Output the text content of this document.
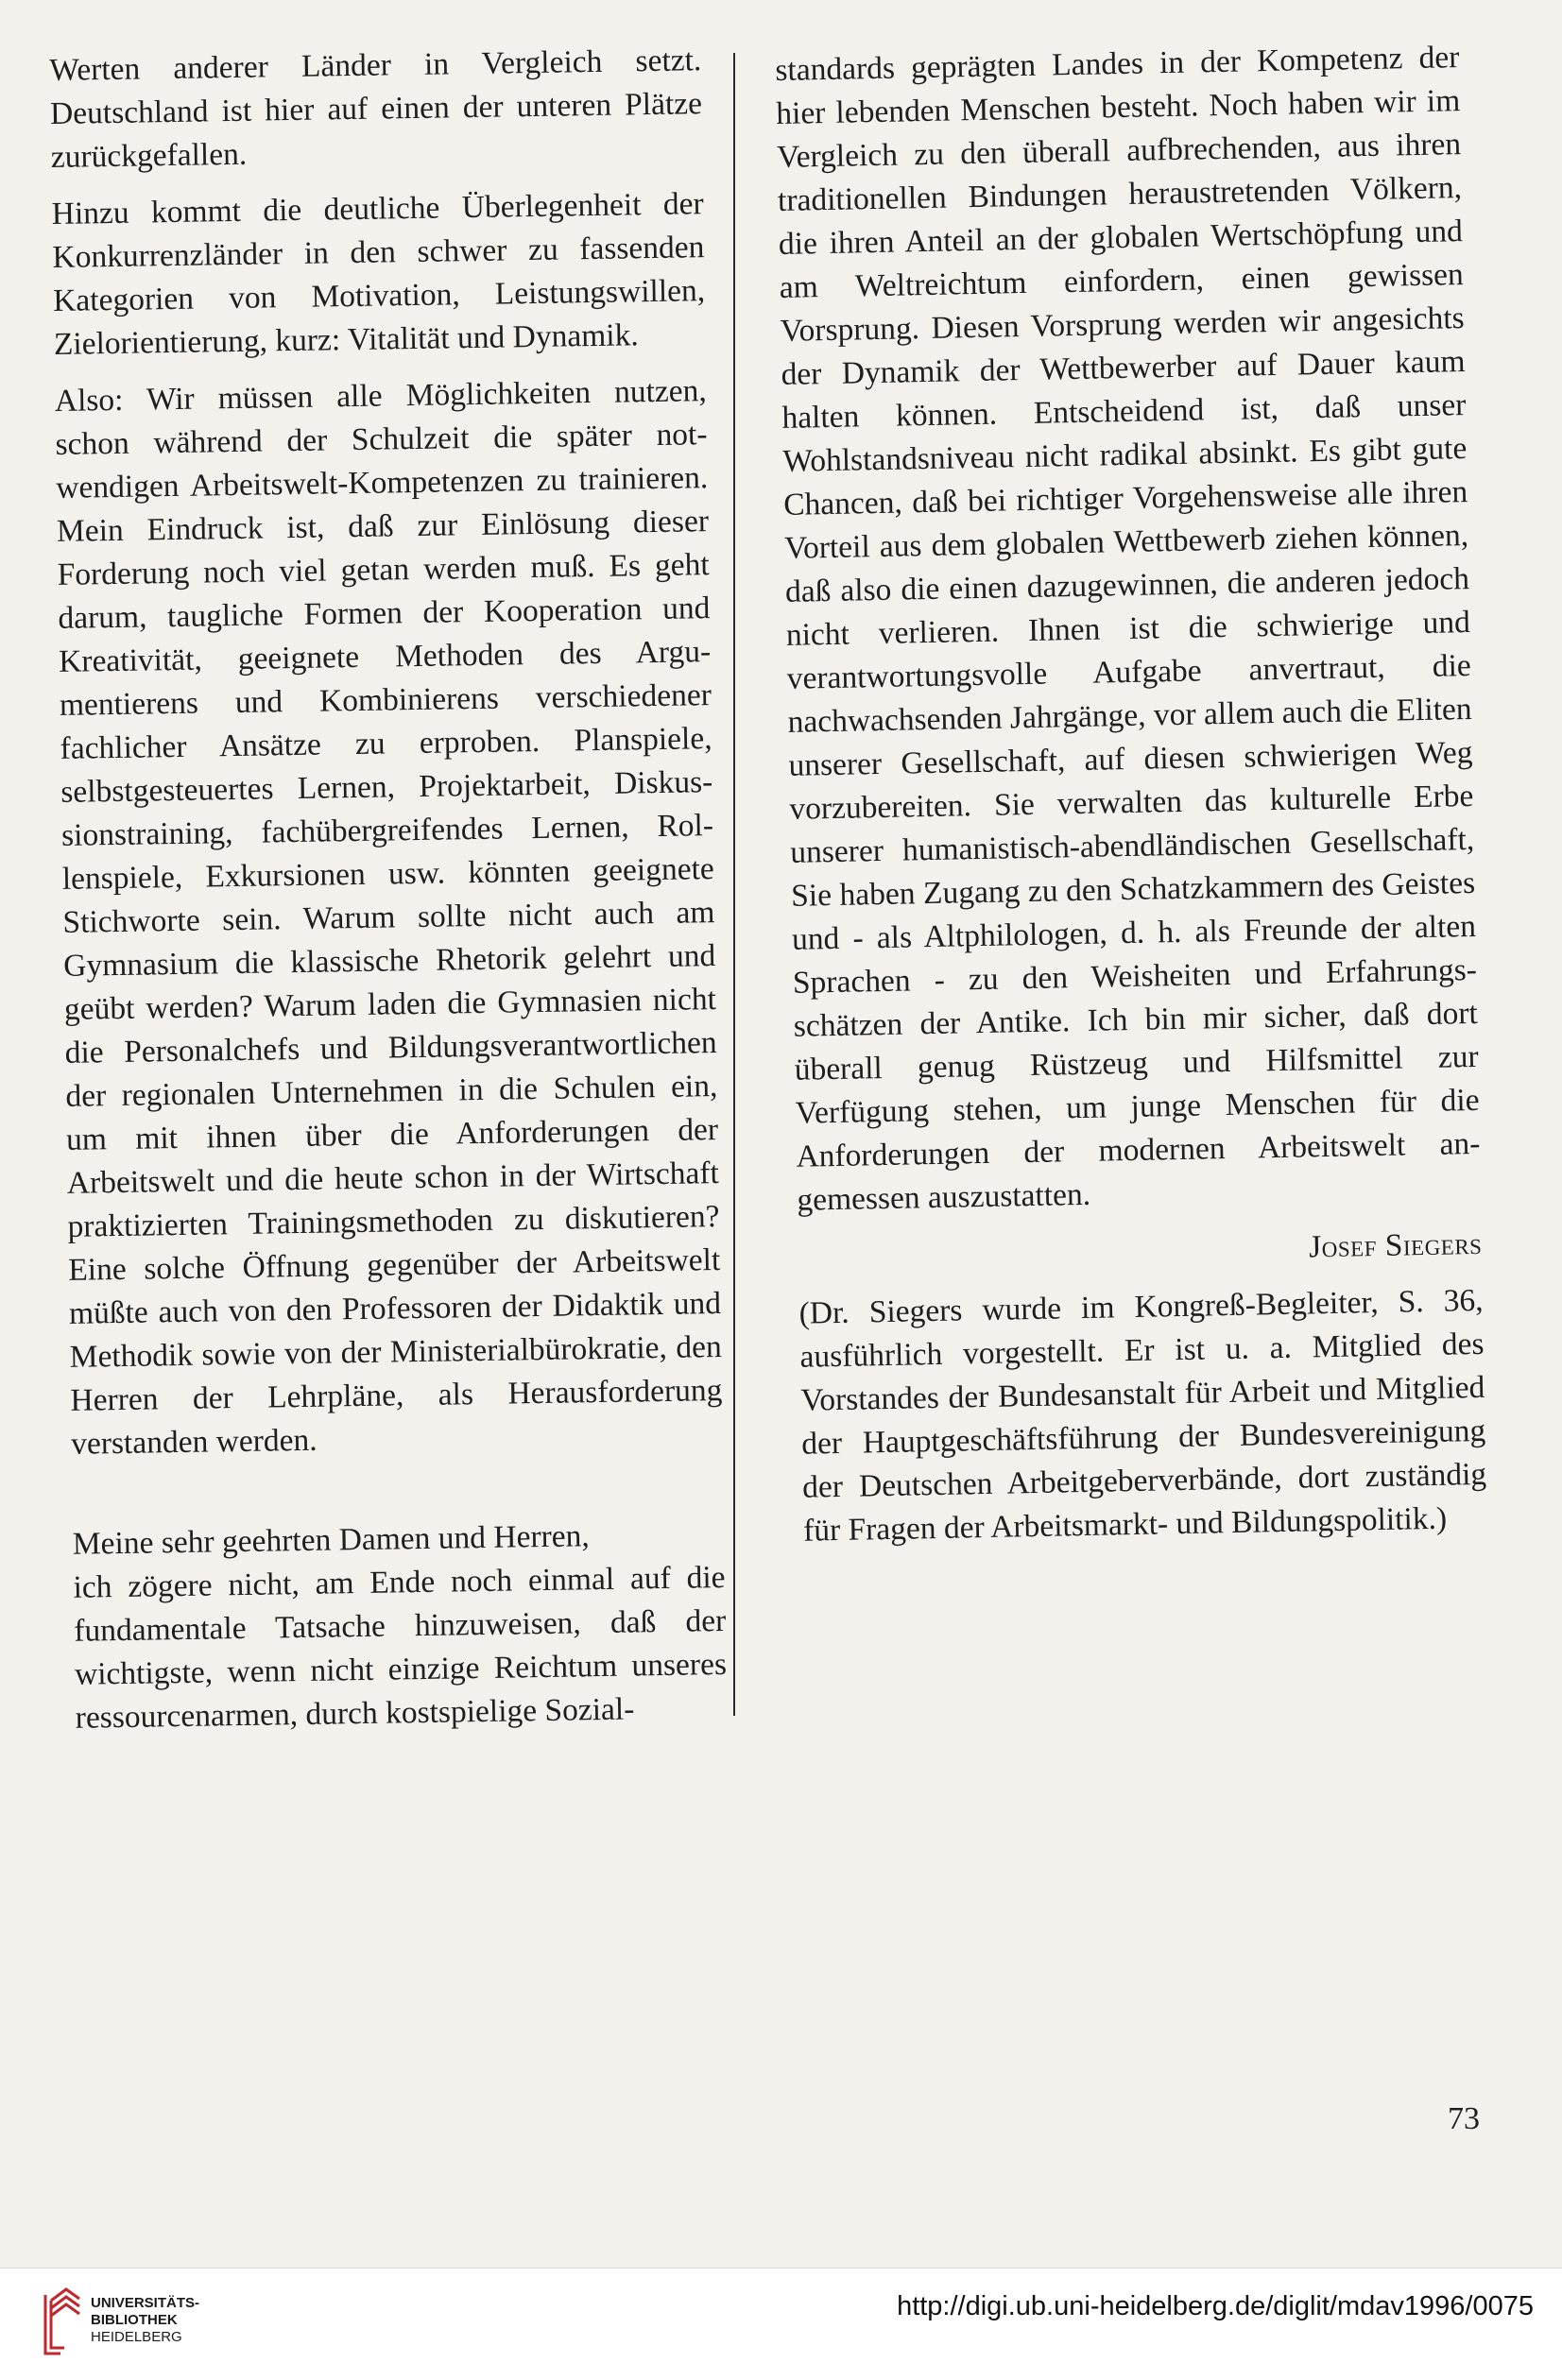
Werten anderer Länder in Vergleich setzt. Deutschland ist hier auf einen der unteren Plätze zurückgefallen.

Hinzu kommt die deutliche Überlegenheit der Konkurrenzländer in den schwer zu fassenden Kategorien von Motivation, Leistungswillen, Zielorientierung, kurz: Vitalität und Dynamik.

Also: Wir müssen alle Möglichkeiten nutzen, schon während der Schulzeit die später notwendigen Arbeitswelt-Kompetenzen zu trainieren. Mein Eindruck ist, daß zur Einlösung dieser Forderung noch viel getan werden muß. Es geht darum, taugliche Formen der Kooperation und Kreativität, geeignete Methoden des Argumentierens und Kombinierens verschiedener fachlicher Ansätze zu erproben. Planspiele, selbstgesteuertes Lernen, Projektarbeit, Diskussionstraining, fachübergreifendes Lernen, Rollenspiele, Exkursionen usw. könnten geeignete Stichworte sein. Warum sollte nicht auch am Gymnasium die klassische Rhetorik gelehrt und geübt werden? Warum laden die Gymnasien nicht die Personalchefs und Bildungsverantwortlichen der regionalen Unternehmen in die Schulen ein, um mit ihnen über die Anforderungen der Arbeitswelt und die heute schon in der Wirtschaft praktizierten Trainingsmethoden zu diskutieren? Eine solche Öffnung gegenüber der Arbeitswelt müßte auch von den Professoren der Didaktik und Methodik sowie von der Ministerialbürokratie, den Herren der Lehrpläne, als Herausforderung verstanden werden.

Meine sehr geehrten Damen und Herren,

ich zögere nicht, am Ende noch einmal auf die fundamentale Tatsache hinzuweisen, daß der wichtigste, wenn nicht einzige Reichtum unseres ressourcenarmen, durch kostspielige Sozial-

standards geprägten Landes in der Kompetenz der hier lebenden Menschen besteht. Noch haben wir im Vergleich zu den überall aufbrechenden, aus ihren traditionellen Bindungen heraustretenden Völkern, die ihren Anteil an der globalen Wertschöpfung und am Weltreichtum einfordern, einen gewissen Vorsprung. Diesen Vorsprung werden wir angesichts der Dynamik der Wettbewerber auf Dauer kaum halten können. Entscheidend ist, daß unser Wohlstandsniveau nicht radikal absinkt. Es gibt gute Chancen, daß bei richtiger Vorgehensweise alle ihren Vorteil aus dem globalen Wettbewerb ziehen können, daß also die einen dazugewinnen, die anderen jedoch nicht verlieren. Ihnen ist die schwierige und verantwortungsvolle Aufgabe anvertraut, die nachwachsenden Jahrgänge, vor allem auch die Eliten unserer Gesellschaft, auf diesen schwierigen Weg vorzubereiten. Sie verwalten das kulturelle Erbe unserer humanistisch-abendländischen Gesellschaft, Sie haben Zugang zu den Schatzkammern des Geistes und - als Altphilologen, d. h. als Freunde der alten Sprachen - zu den Weisheiten und Erfahrungsschätzen der Antike. Ich bin mir sicher, daß dort überall genug Rüstzeug und Hilfsmittel zur Verfügung stehen, um junge Menschen für die Anforderungen der modernen Arbeitswelt angemessen auszustatten.

Josef Siegers

(Dr. Siegers wurde im Kongreß-Begleiter, S. 36, ausführlich vorgestellt. Er ist u. a. Mitglied des Vorstandes der Bundesanstalt für Arbeit und Mitglied der Hauptgeschäftsführung der Bundesvereinigung der Deutschen Arbeitgeberverbände, dort zuständig für Fragen der Arbeitsmarkt- und Bildungspolitik.)

73
UNIVERSITÄTS-
BIBLIOTHEK
HEIDELBERG
http://digi.ub.uni-heidelberg.de/diglit/mdav1996/0075
